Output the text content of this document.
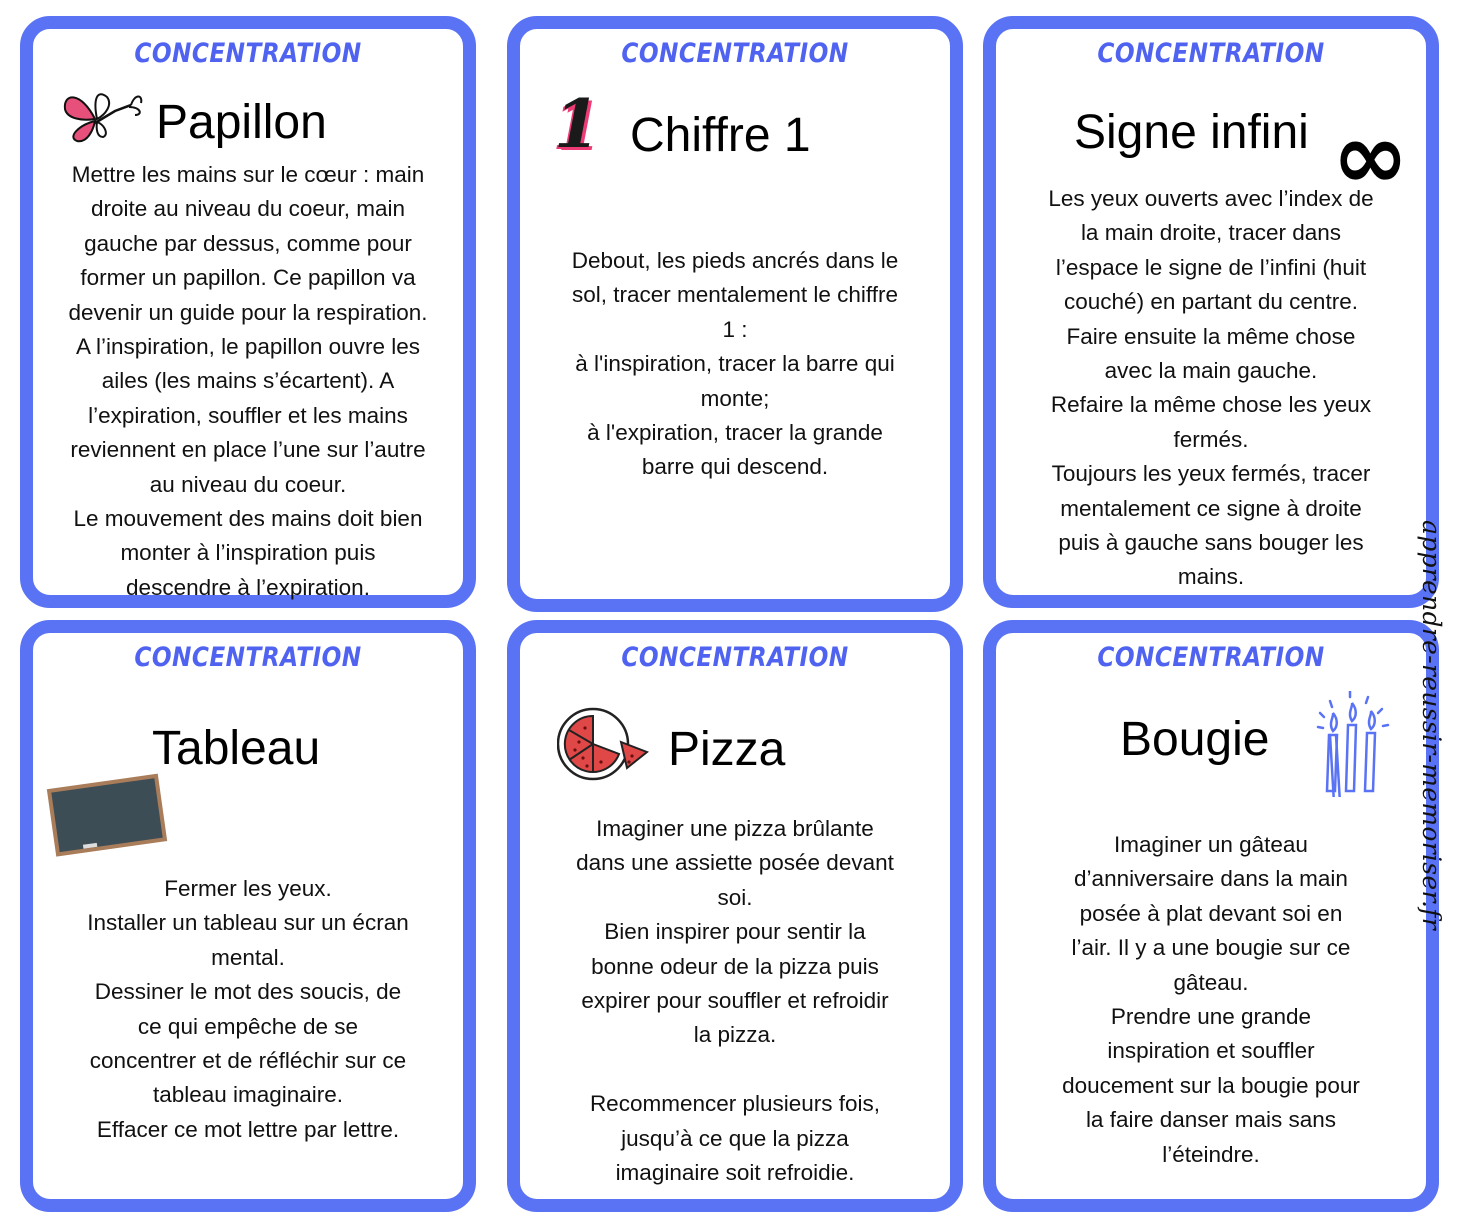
CONCENTRATION
Papillon
Mettre les mains sur le cœur : main
droite au niveau du coeur, main
gauche par dessus, comme pour
former un papillon. Ce papillon va
devenir un guide pour la respiration.
A l’inspiration, le papillon ouvre les
ailes (les mains s’écartent). A
l’expiration, souffler et les mains
reviennent en place l’une sur l’autre
au niveau du coeur.
Le mouvement des mains doit bien
monter à l’inspiration puis
descendre à l’expiration.
CONCENTRATION
1 Chiffre 1
Debout, les pieds ancrés dans le
sol, tracer mentalement le chiffre
1 :
à l'inspiration, tracer la barre qui
monte;
à l'expiration, tracer la grande
barre qui descend.
CONCENTRATION
Signe infini ∞
Les yeux ouverts avec l’index de
la main droite, tracer dans
l’espace le signe de l’infini (huit
couché) en partant du centre.
Faire ensuite la même chose
avec la main gauche.
Refaire la même chose les yeux
fermés.
Toujours les yeux fermés, tracer
mentalement ce signe à droite
puis à gauche sans bouger les
mains.
CONCENTRATION
Tableau
Fermer les yeux.
Installer un tableau sur un écran
mental.
Dessiner le mot des soucis, de
ce qui empêche de se
concentrer et de réfléchir sur ce
tableau imaginaire.
Effacer ce mot lettre par lettre.
CONCENTRATION
Pizza
Imaginer une pizza brûlante
dans une assiette posée devant
soi.
Bien inspirer pour sentir la
bonne odeur de la pizza puis
expirer pour souffler et refroidir
la pizza.

Recommencer plusieurs fois,
jusqu’à ce que la pizza
imaginaire soit refroidie.
CONCENTRATION
Bougie
Imaginer un gâteau
d’anniversaire dans la main
posée à plat devant soi en
l’air. Il y a une bougie sur ce
gâteau.
Prendre une grande
inspiration et souffler
doucement sur la bougie pour
la faire danser mais sans
l’éteindre.
apprendre-reussir-memoriser.fr
